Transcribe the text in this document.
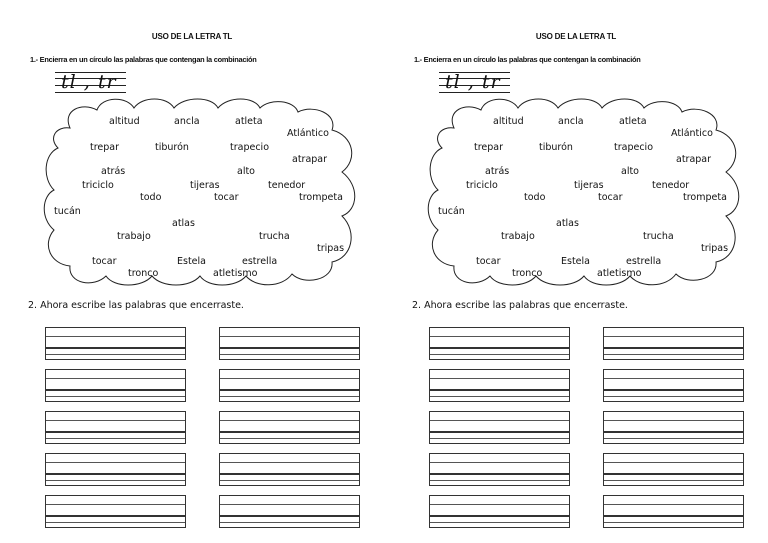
USO DE LA LETRA TL
1.- Encierra en un círculo las palabras que contengan la combinación
tl , tr
altitud	ancla	atleta
Atlántico
trepar	tiburón	trapecio
atrapar
atrás	alto
triciclo	tijeras	tenedor
todo	tocar	trompeta
tucán
atlas
trabajo	trucha
tripas
tocar	Estela	estrella
tronco	atletismo
2. Ahora escribe las palabras que encerraste.
USO DE LA LETRA TL
1.- Encierra en un círculo las palabras que contengan la combinación
tl , tr
altitud	ancla	atleta
Atlántico
trepar	tiburón	trapecio
atrapar
atrás	alto
triciclo	tijeras	tenedor
todo	tocar	trompeta
tucán
atlas
trabajo	trucha
tripas
tocar	Estela	estrella
tronco	atletismo
2. Ahora escribe las palabras que encerraste.
